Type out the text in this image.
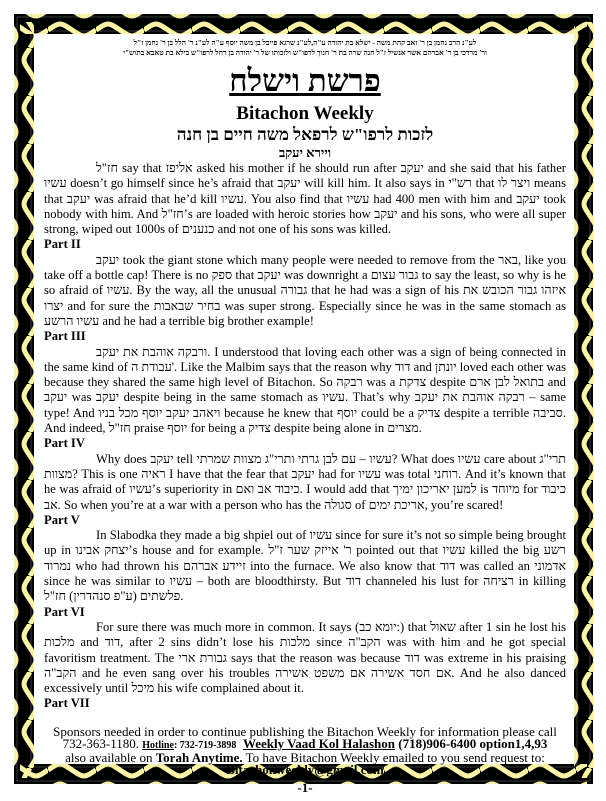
לע"נ הרב נחמן בן ר' זאב קהת משה - ישלא בת יהודה ע"ה,לע"נ שרגא פייבל בן משה יוסף ע"ה לע"נ ר' הלל בן ר' נחמן ז"ל
ור' מרדכי בן ר' אברהם אשר אנשיל ז"ל חנה שרה בת ר' חנוך לרפו"ש ולזכותו של ר' יהודה בן רחל לרפו"ש בילא בת טאבא בתוש"י
פרשת וישלח
Bitachon Weekly
לזכות לרפו"ש לרפאל משה חיים בן חנה
ויירא יעקב

חז"ל say that אליפז asked his mother if he should run after יעקב and she said that his father עשיו doesn’t go himself since he’s afraid that יעקב will kill him. It also says in רש"י that ויצר לו means that יעקב was afraid that he’d kill עשיו. You also find that עשיו had 400 men with him and יעקב took nobody with him. And חז"ל’s are loaded with heroic stories how יעקב and his sons, who were all super strong, wiped out 1000s of כנענים and not one of his sons was killed.

Part II

יעקב took the giant stone which many people were needed to remove from the באר, like you take off a bottle cap! There is no ספק that יעקב was downright a גבור עצום to say the least, so why is he so afraid of עשיו. By the way, all the unusual גבורה that he had was a sign of his איזהו גבור הכובש את יצרו and for sure the בחיר שבאבות was super strong. Especially since he was in the same stomach as עשיו הרשע and he had a terrible big brother example!

Part III

ורבקה אוהבת את יעקב. I understood that loving each other was a sign of being connected in the same kind of עבודת ה'. Like the Malbim says that the reason why דוד and יונתן loved each other was because they shared the same high level of Bitachon. So רבקה was a צדקת despite בתואל לבן ארם and יעקב was יעקב despite being in the same stomach as עשיו. That’s why רבקה אוהבת את יעקב – same type! And ויאהב יעקב יוסף מכל בניו because he knew that יוסף could be a צדיק despite a terrible סביבה. And indeed, חז"ל praise יוסף for being a צדיק despite being alone in מצרים.

Part IV

Why does יעקב tell עשיו – עם לבן גרתי ותרי"ג מצוות שמרתי? What does עשיו care about תרי"ג מצוות? This is one ראיה I have that the fear that יעקב had for עשיו was total רוחני. And it’s known that he was afraid of עשיו’s superiority in כיבוד אב ואם. I would add that למען יאריכון ימיך is מיוחד for כיבוד אב. So when you’re at a war with a person who has the סגולה of אריכת ימים, you’re scared!

Part V

In Slabodka they made a big shpiel out of עשיו since for sure it’s not so simple being brought up in יצחק אבינו’s house and for example. ר' אייזק שער ז"ל pointed out that עשיו killed the big רשע נמרוד who had thrown his זיידע אברהם into the furnace. We also know that דוד was called an אדמוני since he was similar to עשיו – both are bloodthirsty. But דוד channeled his lust for רציחה in killing פלשתים (ע"פ סנהדרין) חז"ל.

Part VI

For sure there was much more in common. It says (יומא כב:) that שאול after 1 sin he lost his מלכות and דוד, after 2 sins didn’t lose his מלכות since הקב"ה was with him and he got special favoritism treatment. The גבורת ארי says that the reason was because דוד was extreme in his praising הקב"ה and he even sang over his troubles אם חסד אשירה אם משפט אשירה. And he also danced excessively until מיכל his wife complained about it.

Part VII
Sponsors needed in order to continue publishing the Bitachon Weekly for information please call 732-363-1180. Hotline: 732-719-3898 Weekly Vaad Kol Halashon (718)906-6400 option1,4,93
also available on Torah Anytime. To have Bitachon Weekly emailed to you send request to:
Bitachonweekly@gmail.com
-1-
